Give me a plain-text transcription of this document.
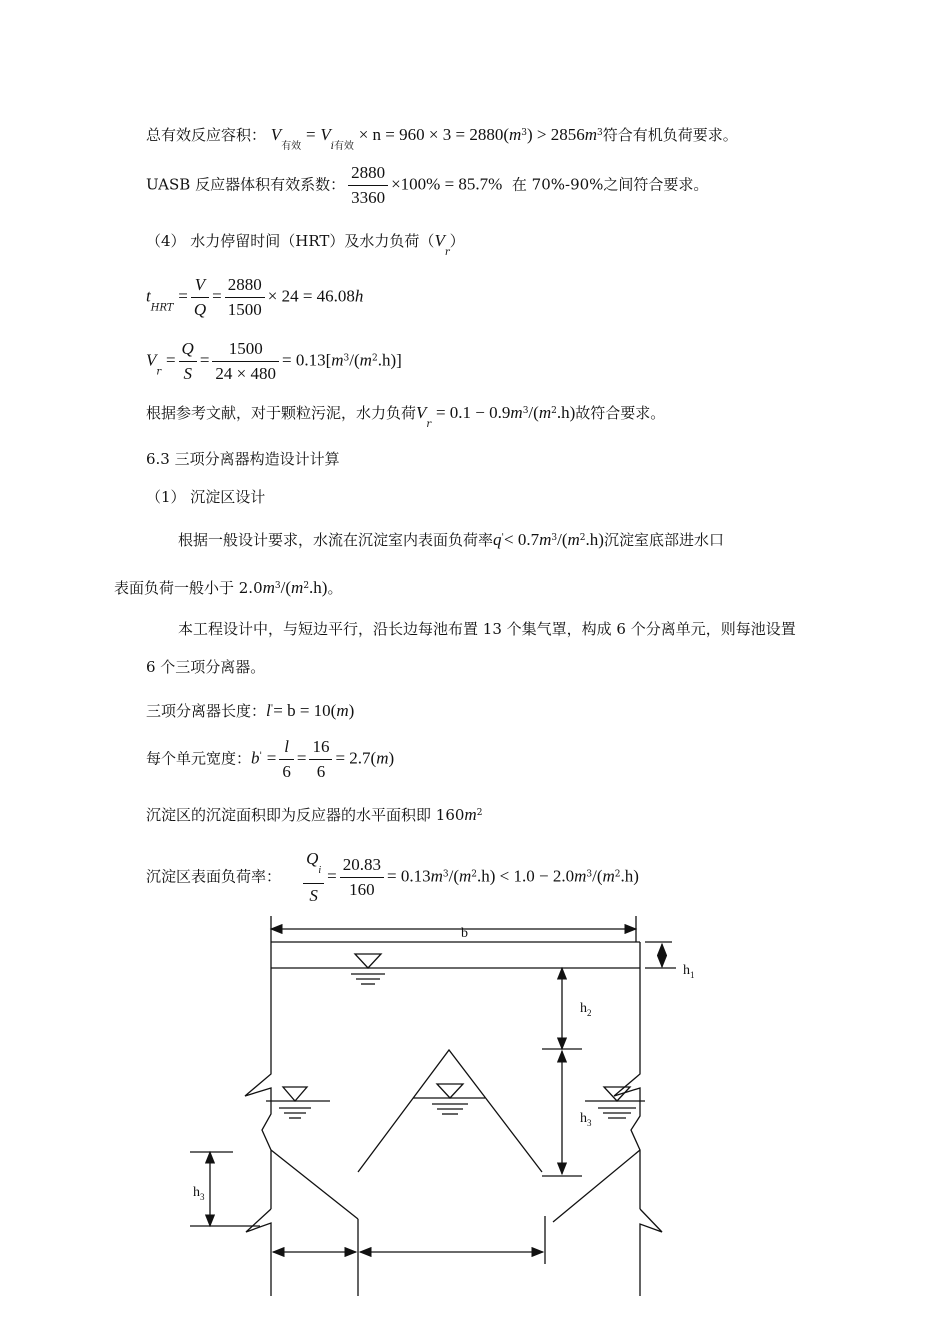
总有效反应容积： $V_{有效} = V_{i有效} \times n = 960 \times 3 = 2880(m^3) > 2856m^3$符合有机负荷要求。
UASB 反应器体积有效系数： $\frac{2880}{3360} \times 100\% = 85.7\%$ 在 70%-90%之间符合要求。
（4） 水力停留时间（HRT）及水力负荷$(V_r)$
$t_{HRT} = \frac{V}{Q} = \frac{2880}{1500} \times 24 = 46.08h$
$V_r = \frac{Q}{S} = \frac{1500}{24 \times 480} = 0.13[m^3/(m^2.h)]$
根据参考文献，对于颗粒污泥，水力负荷$V_r = 0.1 - 0.9m^3/(m^2.h)$故符合要求。
6.3 三项分离器构造设计计算
（1） 沉淀区设计
根据一般设计要求，水流在沉淀室内表面负荷率$q'< 0.7m^3/(m^2.h)$沉淀室底部进水口
表面负荷一般小于 $2.0m^3/(m^2.h)$。
本工程设计中，与短边平行，沿长边每池布置 13 个集气罩，构成 6 个分离单元，则每池设置 6 个三项分离器。
三项分离器长度：l'= b = 10(m)
每个单元宽度：$b' = \frac{l}{6} = \frac{16}{6} = 2.7(m)$
沉淀区的沉淀面积即为反应器的水平面积即 $160m^2$
沉淀区表面负荷率： $\frac{Q_i}{S} = \frac{20.83}{160} = 0.13m^3/(m^2.h) < 1.0 - 2.0m^3/(m^2.h)$
b
$h_1$
$h_2$
$h_3$
$h_3$
